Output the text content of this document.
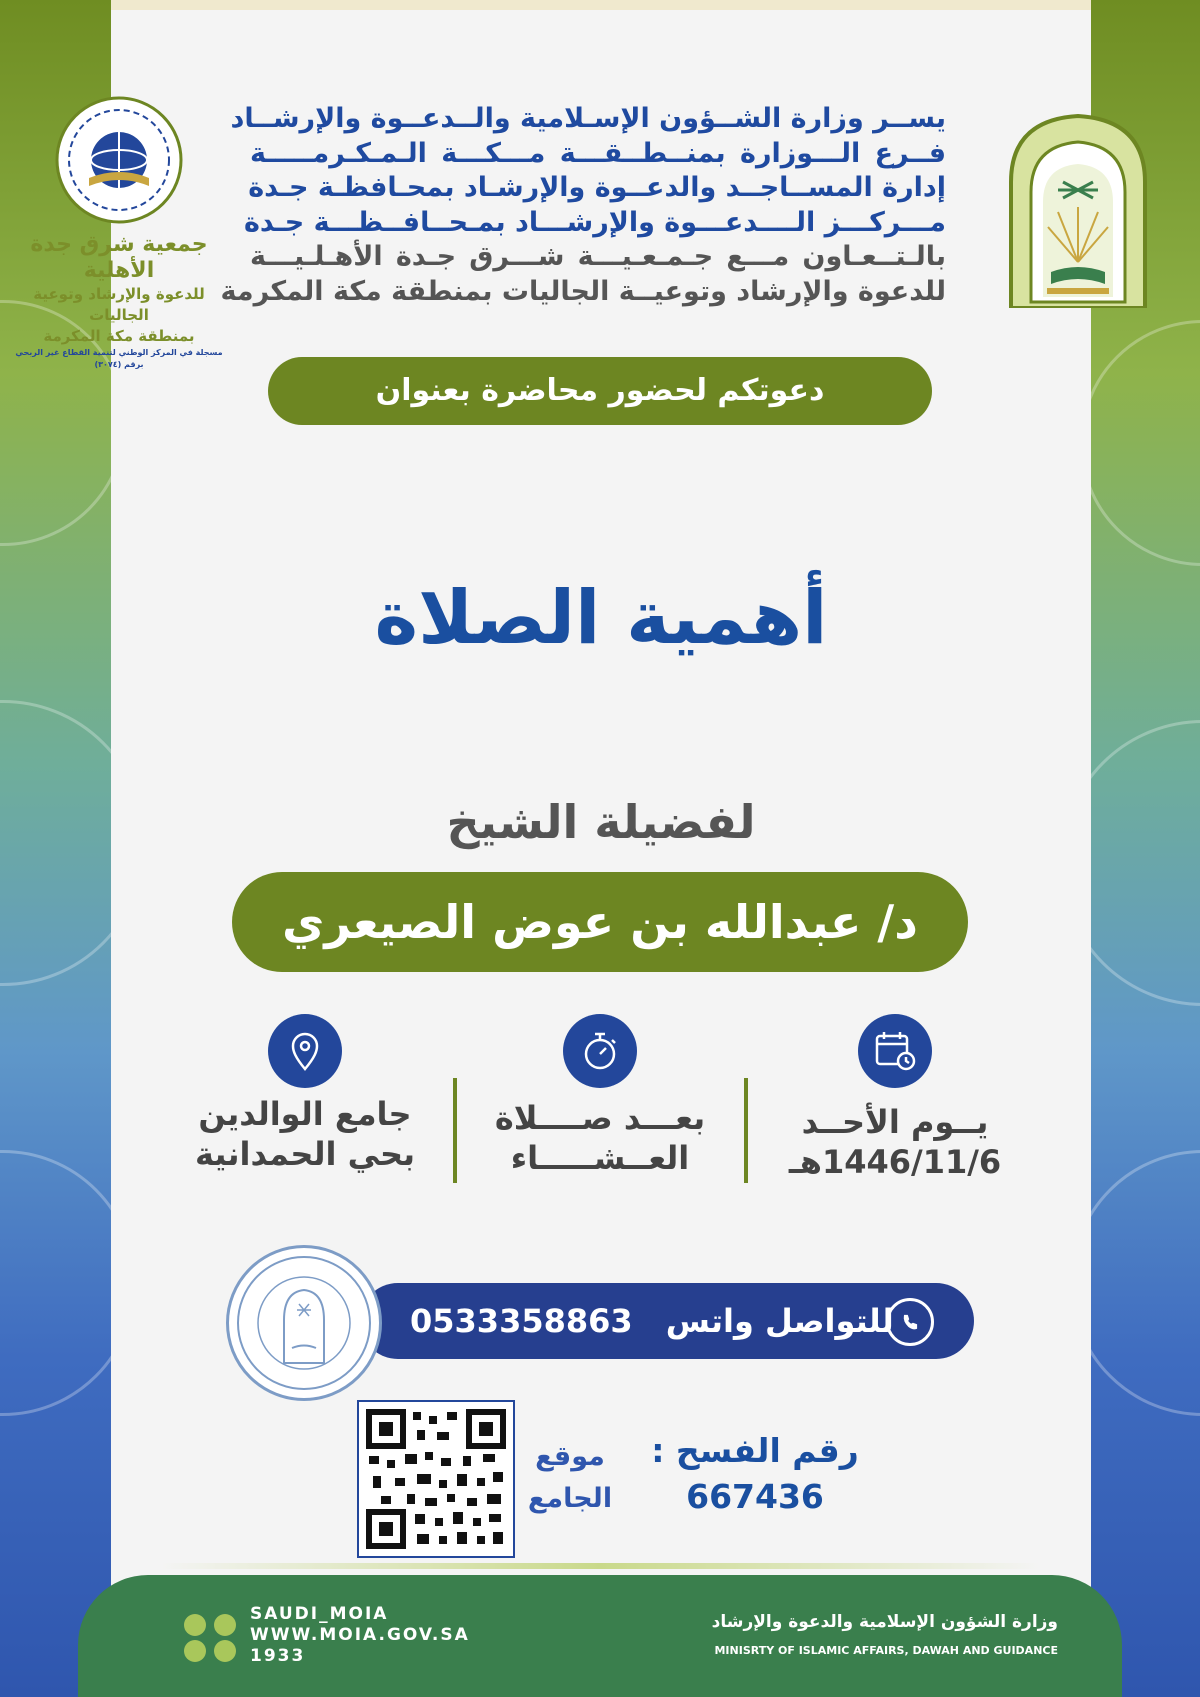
جمعية شرق جدة الأهلية
للدعوة والإرشاد وتوعية الجاليات
بمنطقة مكة المكرمة
مسجلة في المركز الوطني لتنمية القطاع غير الربحي برقم (٣٠٧٤)
يســر وزارة الشــؤون الإسـلامية والــدعــوة والإرشــاد
فــرع الـــوزارة بمنــطــقـــة مـــكـــة الـمـكـرمـــــة
إدارة المســاجــد والدعــوة والإرشـاد بمحـافظـة جـدة
مـــركـــز الــــدعـــوة والإرشـــاد بمـحــافــظـــة جـدة
بالـتــعـاون مـــع جـمـعـيـــة شـــرق جـدة الأهـلـيـــة
للدعوة والإرشاد وتوعيــة الجاليات بمنطقة مكة المكرمة
دعوتكم لحضور محاضرة بعنوان
أهمية الصلاة
لفضيلة الشيخ
د/ عبدالله بن عوض الصيعري
يــوم الأحــد
1446/11/6هـ
بعـــد صــــلاة
العــشـــــاء
جامع الوالدين
بحي الحمدانية
0533358863 للتواصل واتس
موقع
الجامع
رقم الفسح :
667436
SAUDI_MOIA
WWW.MOIA.GOV.SA
1933
وزارة الشؤون الإسلامية والدعوة والإرشاد
MINISRTY OF ISLAMIC AFFAIRS, DAWAH AND GUIDANCE
